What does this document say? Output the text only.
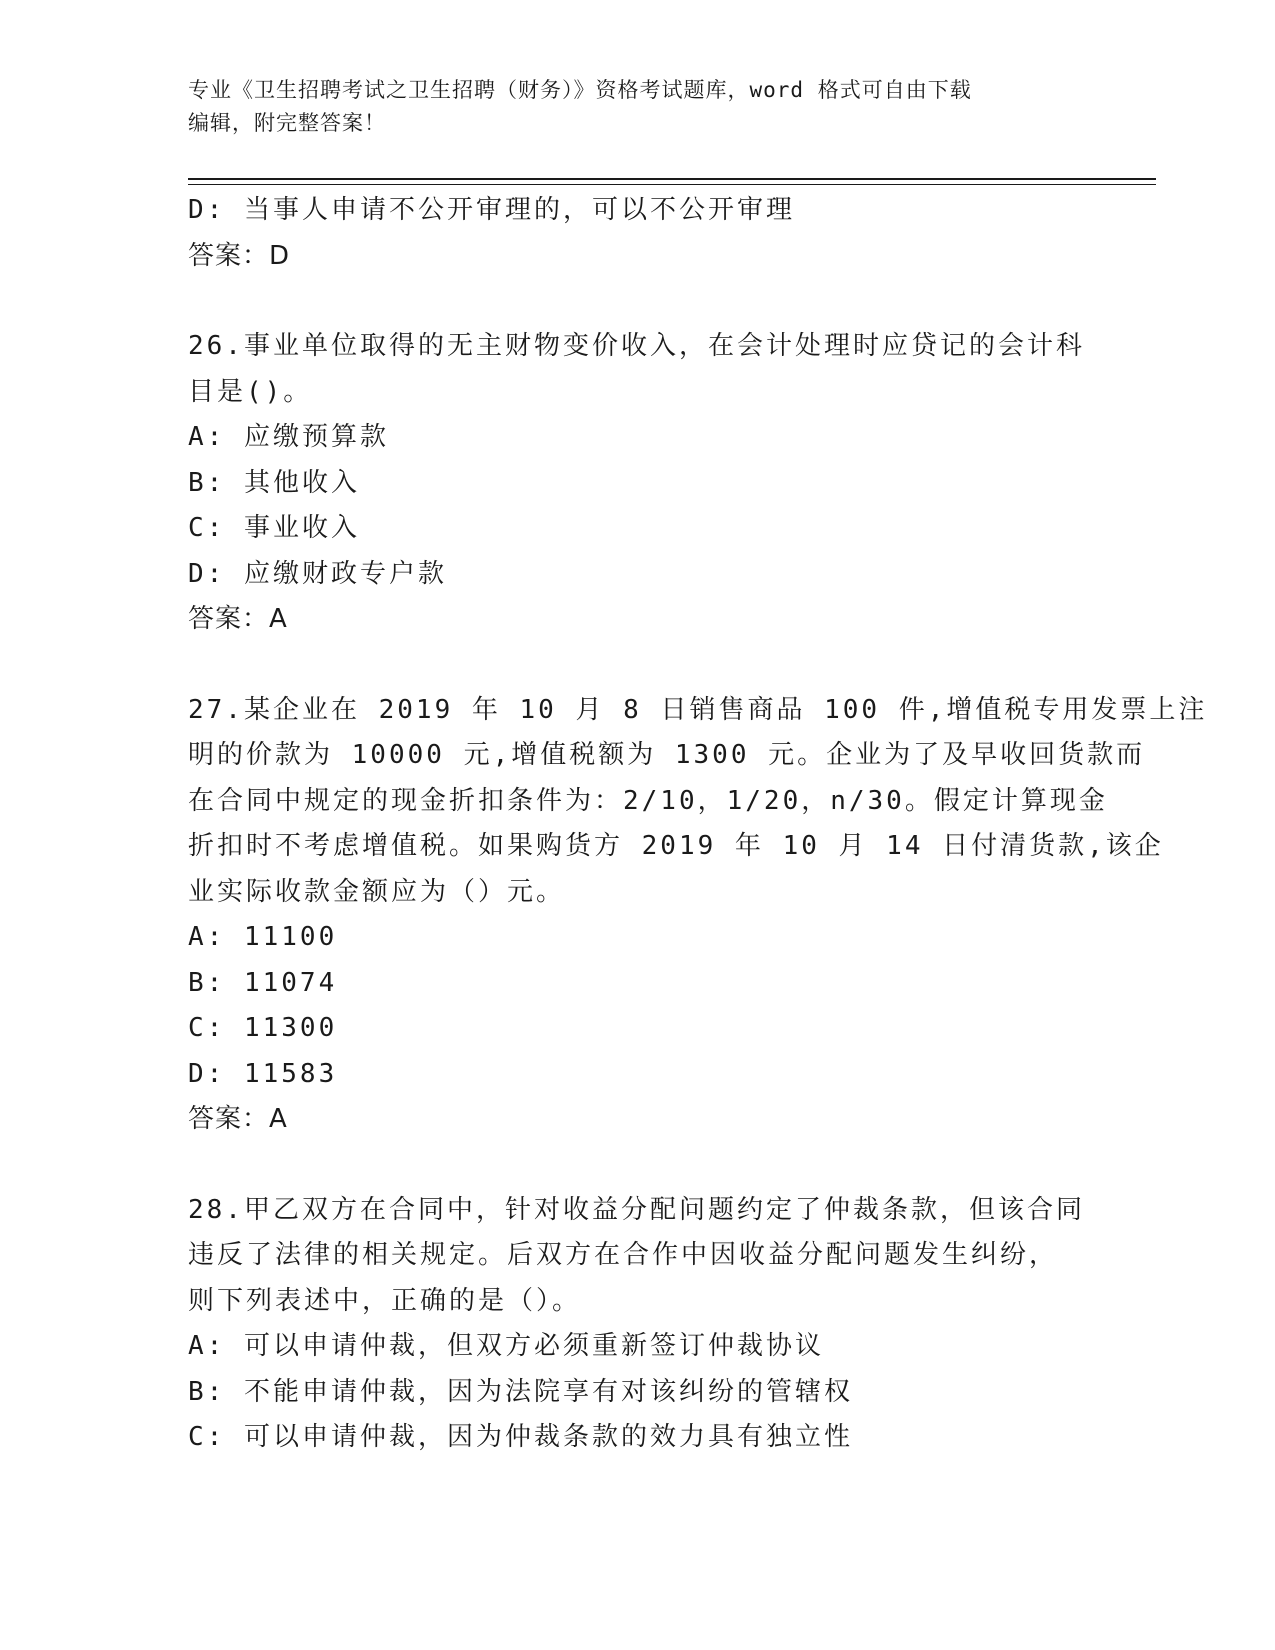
专业《卫生招聘考试之卫生招聘（财务）》资格考试题库，word 格式可自由下载
编辑，附完整答案！
D: 当事人申请不公开审理的，可以不公开审理
答案：D
26.事业单位取得的无主财物变价收入，在会计处理时应贷记的会计科
目是()。
A: 应缴预算款
B: 其他收入
C: 事业收入
D: 应缴财政专户款
答案：A
27.某企业在 2019 年 10 月 8 日销售商品 100 件,增值税专用发票上注
明的价款为 10000 元,增值税额为 1300 元。企业为了及早收回货款而
在合同中规定的现金折扣条件为：2/10，1/20，n/30。假定计算现金
折扣时不考虑增值税。如果购货方 2019 年 10 月 14 日付清货款,该企
业实际收款金额应为（）元。
A: 11100
B: 11074
C: 11300
D: 11583
答案：A
28.甲乙双方在合同中，针对收益分配问题约定了仲裁条款，但该合同
违反了法律的相关规定。后双方在合作中因收益分配问题发生纠纷，
则下列表述中，正确的是（）。
A: 可以申请仲裁，但双方必须重新签订仲裁协议
B: 不能申请仲裁，因为法院享有对该纠纷的管辖权
C: 可以申请仲裁，因为仲裁条款的效力具有独立性
